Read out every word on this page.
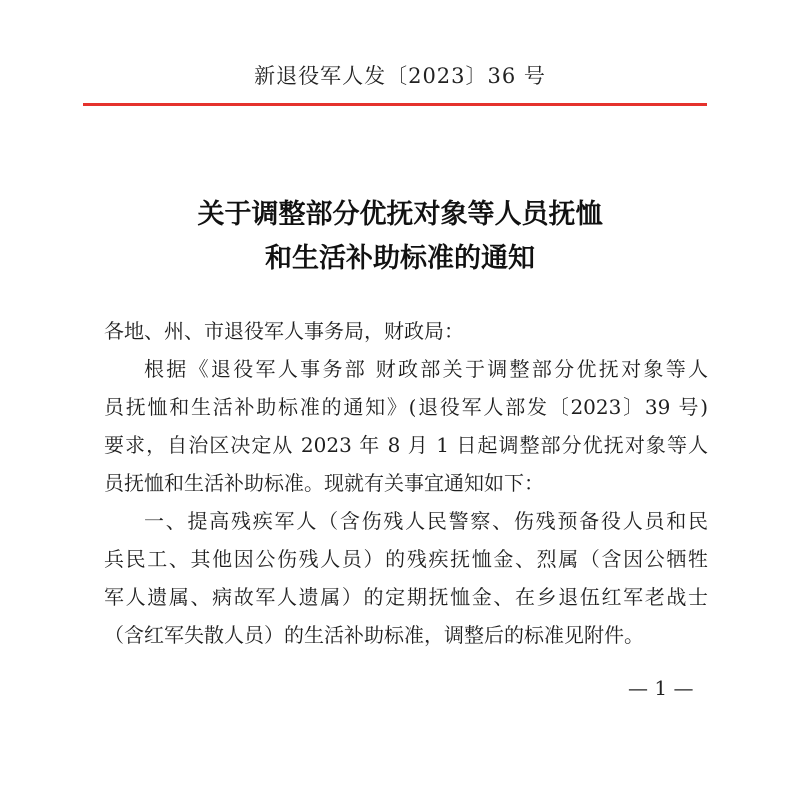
新退役军人发〔2023〕36 号
关于调整部分优抚对象等人员抚恤
和生活补助标准的通知
各地、州、市退役军人事务局，财政局：
根据《退役军人事务部 财政部关于调整部分优抚对象等人
员抚恤和生活补助标准的通知》(退役军人部发〔2023〕39 号)
要求，自治区决定从 2023 年 8 月 1 日起调整部分优抚对象等人
员抚恤和生活补助标准。现就有关事宜通知如下：
一、提高残疾军人（含伤残人民警察、伤残预备役人员和民
兵民工、其他因公伤残人员）的残疾抚恤金、烈属（含因公牺牲
军人遗属、病故军人遗属）的定期抚恤金、在乡退伍红军老战士
（含红军失散人员）的生活补助标准，调整后的标准见附件。
— 1 —
